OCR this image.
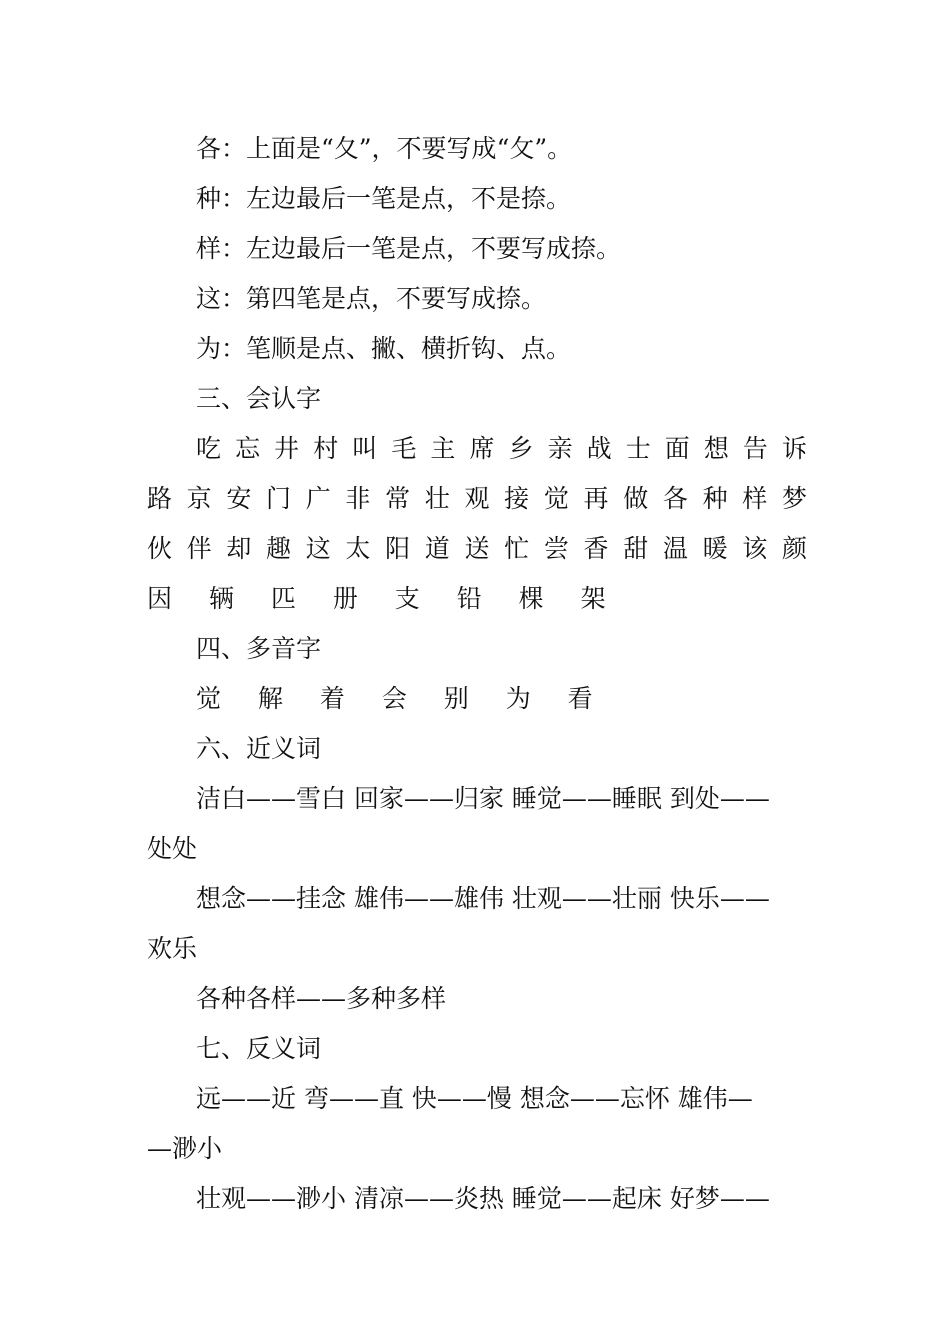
各：上面是“夂”，不要写成“攵”。
种：左边最后一笔是点，不是捺。
样：左边最后一笔是点，不要写成捺。
这：第四笔是点，不要写成捺。
为：笔顺是点、撇、横折钩、点。
三、会认字
吃 忘 井 村 叫 毛 主 席 乡 亲 战 士 面 想 告 诉
路 京 安 门 广 非 常 壮 观 接 觉 再 做 各 种 样 梦
伙 伴 却 趣 这 太 阳 道 送 忙 尝 香 甜 温 暖 该 颜
因 辆 匹 册 支 铅 棵 架
四、多音字
觉 解 着 会 别 为 看
六、近义词
洁白——雪白 回家——归家 睡觉——睡眠 到处——
处处
想念——挂念 雄伟——雄伟 壮观——壮丽 快乐——
欢乐
各种各样——多种多样
七、反义词
远——近 弯——直 快——慢 想念——忘怀 雄伟—
—渺小
壮观——渺小 清凉——炎热 睡觉——起床 好梦——
